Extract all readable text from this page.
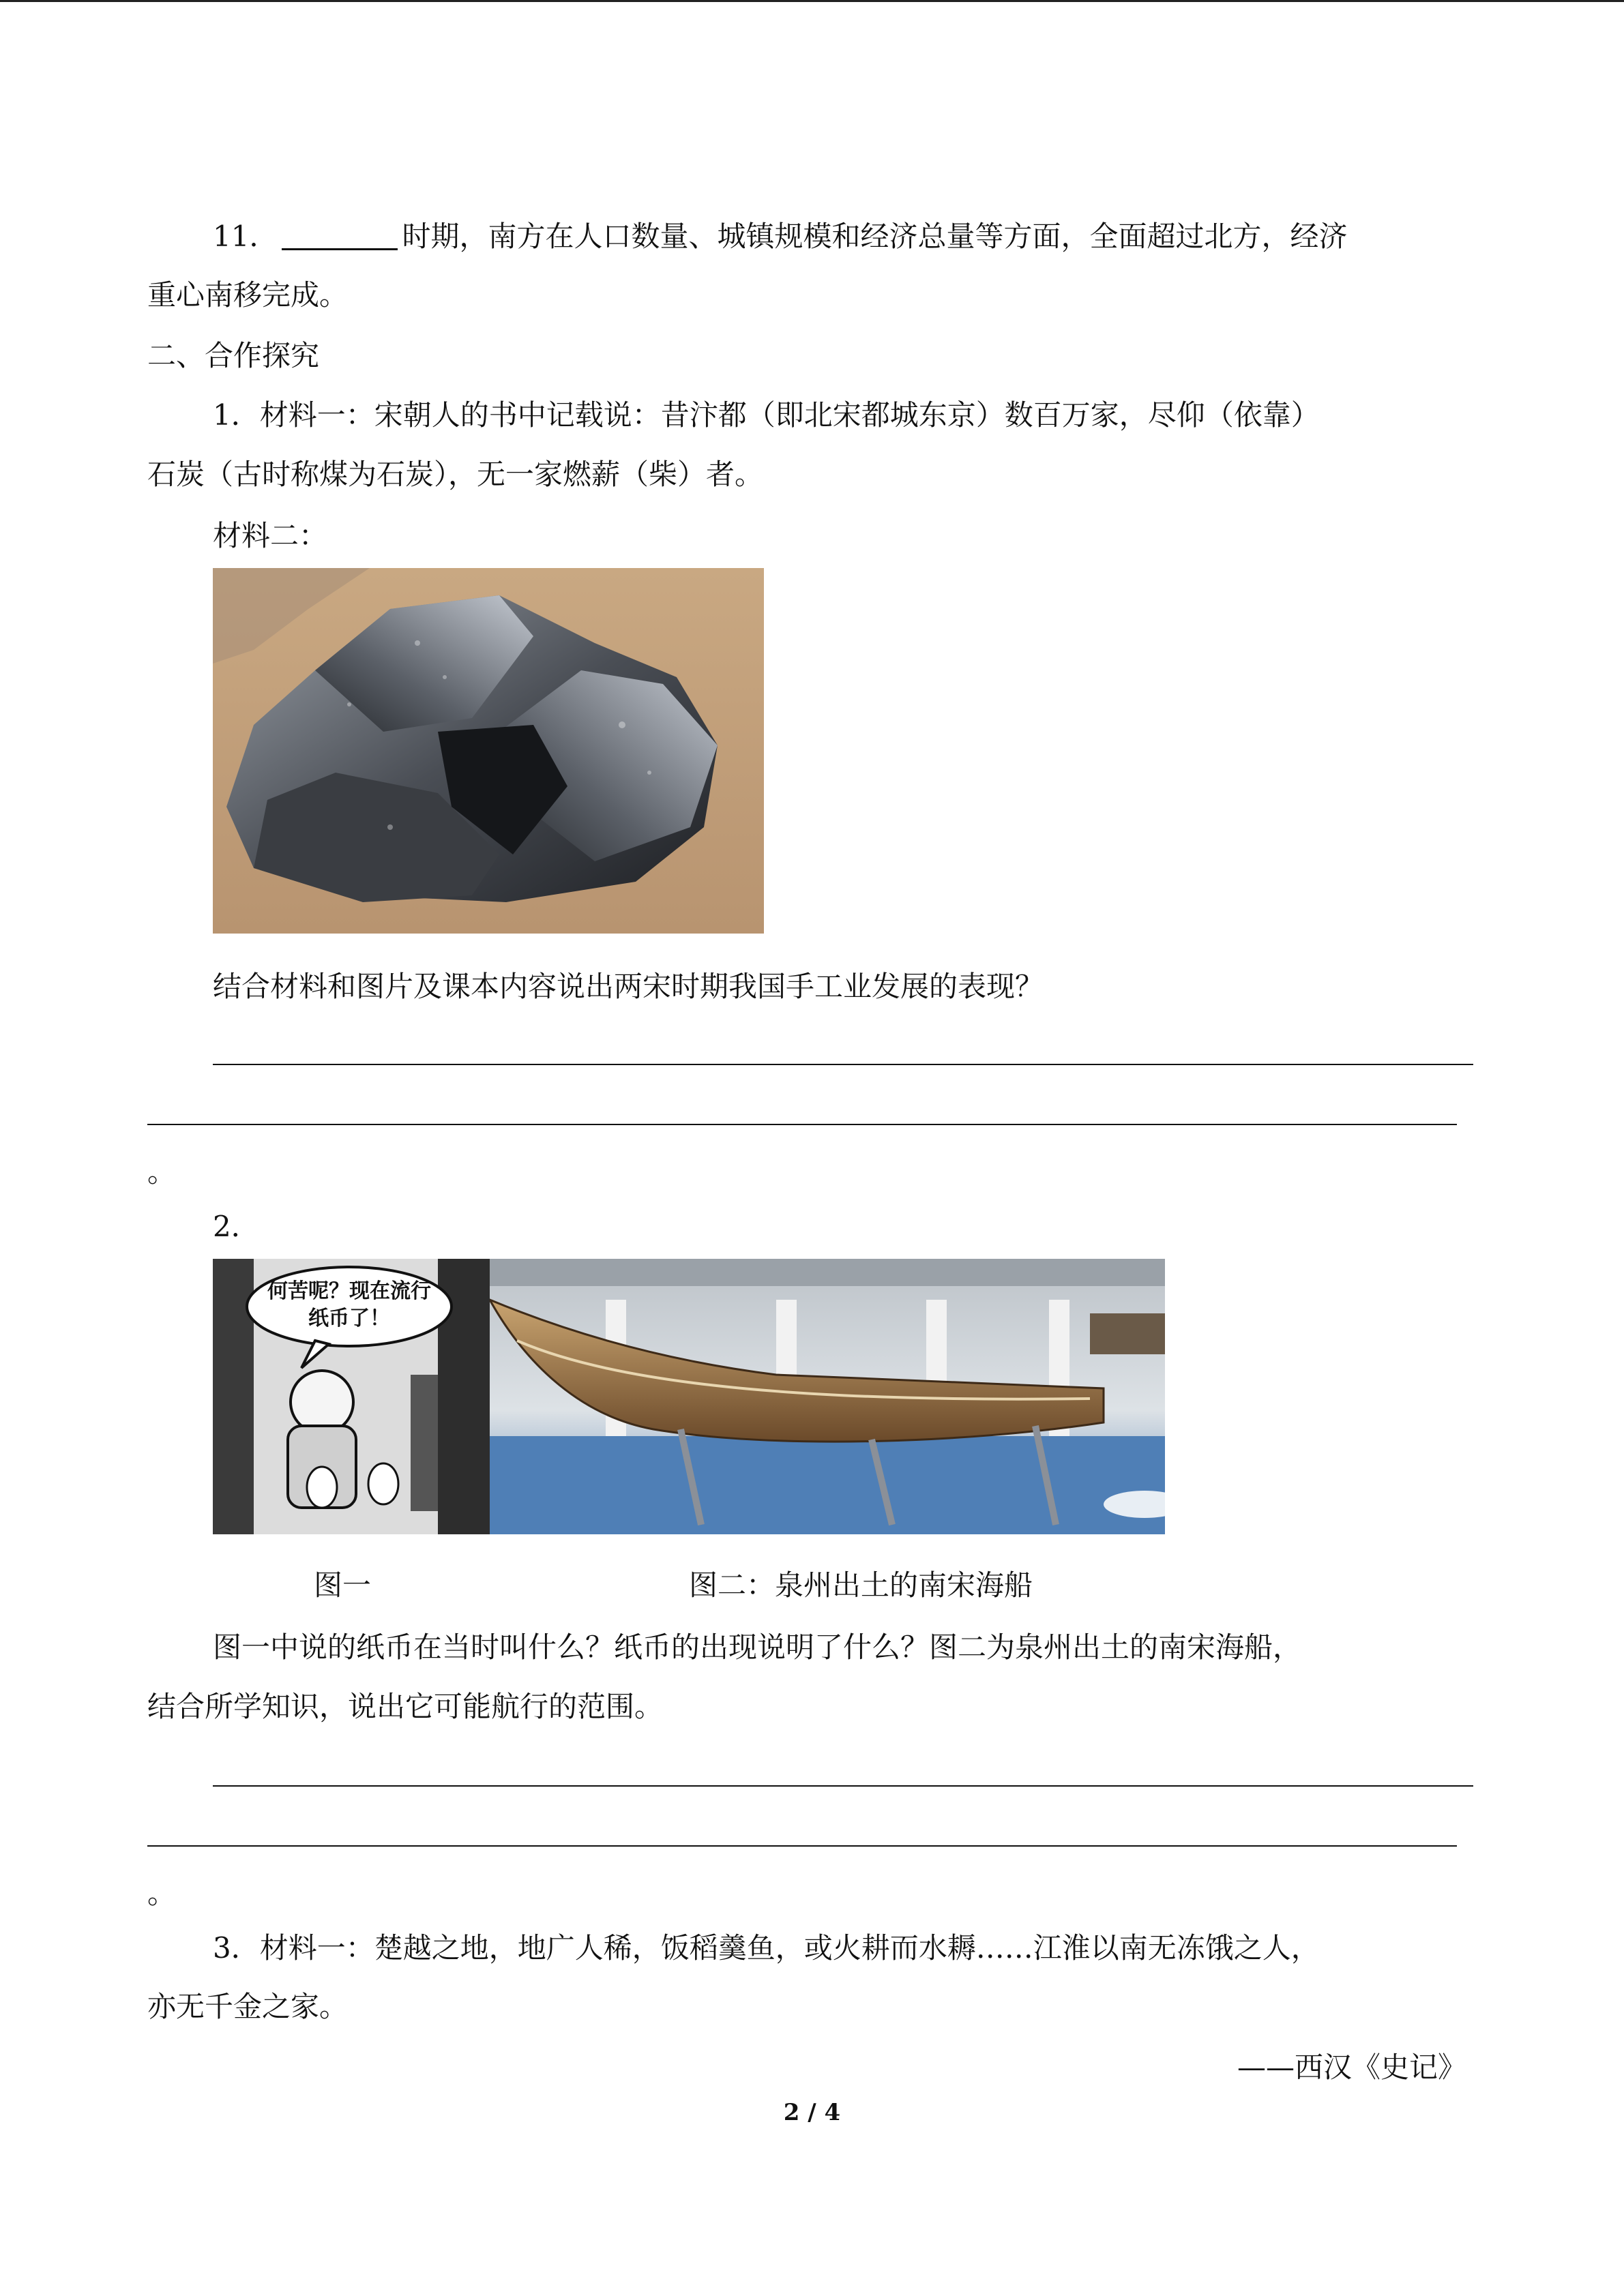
11．	时期，南方在人口数量、城镇规模和经济总量等方面，全面超过北方，经济
重心南移完成。
二、合作探究
1．材料一：宋朝人的书中记载说：昔汴都（即北宋都城东京）数百万家，尽仰（依靠）
石炭（古时称煤为石炭），无一家燃薪（柴）者。
材料二：
结合材料和图片及课本内容说出两宋时期我国手工业发展的表现？
。
2．
何苦呢？现在流行纸币了！
图一	图二：泉州出土的南宋海船
图一中说的纸币在当时叫什么？纸币的出现说明了什么？图二为泉州出土的南宋海船，
结合所学知识，说出它可能航行的范围。
。
3．材料一：楚越之地，地广人稀，饭稻羹鱼，或火耕而水耨……江淮以南无冻饿之人，
亦无千金之家。
——西汉《史记》
2 / 4
